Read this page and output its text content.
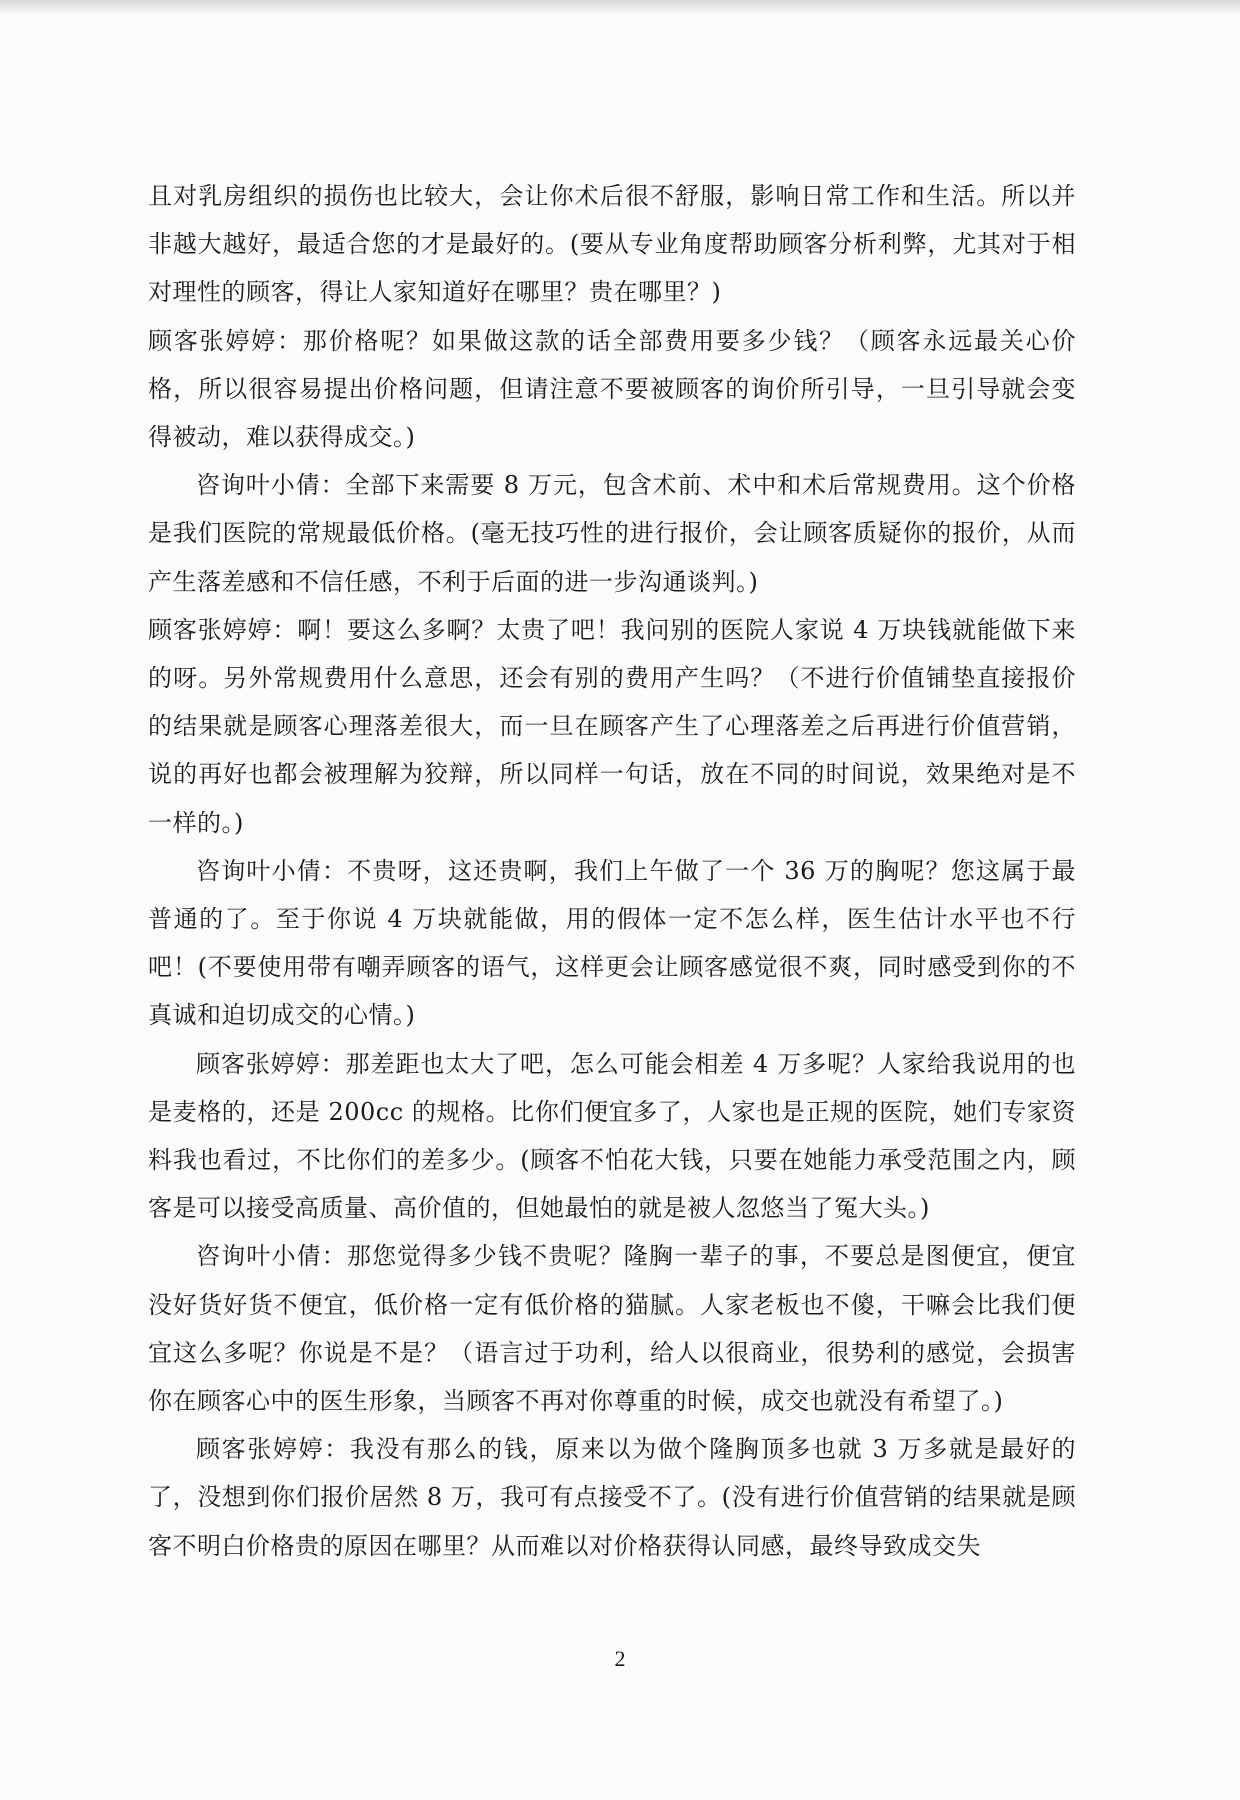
且对乳房组织的损伤也比较大，会让你术后很不舒服，影响日常工作和生活。所以并非越大越好，最适合您的才是最好的。(要从专业角度帮助顾客分析利弊，尤其对于相对理性的顾客，得让人家知道好在哪里？贵在哪里？)

顾客张婷婷：那价格呢？如果做这款的话全部费用要多少钱？（顾客永远最关心价格，所以很容易提出价格问题，但请注意不要被顾客的询价所引导，一旦引导就会变得被动，难以获得成交。)

咨询叶小倩：全部下来需要 8 万元，包含术前、术中和术后常规费用。这个价格是我们医院的常规最低价格。(毫无技巧性的进行报价，会让顾客质疑你的报价，从而产生落差感和不信任感，不利于后面的进一步沟通谈判。)

顾客张婷婷：啊！要这么多啊？太贵了吧！我问别的医院人家说 4 万块钱就能做下来的呀。另外常规费用什么意思，还会有别的费用产生吗？（不进行价值铺垫直接报价的结果就是顾客心理落差很大，而一旦在顾客产生了心理落差之后再进行价值营销，说的再好也都会被理解为狡辩，所以同样一句话，放在不同的时间说，效果绝对是不一样的。)

咨询叶小倩：不贵呀，这还贵啊，我们上午做了一个 36 万的胸呢？您这属于最普通的了。至于你说 4 万块就能做，用的假体一定不怎么样，医生估计水平也不行吧！(不要使用带有嘲弄顾客的语气，这样更会让顾客感觉很不爽，同时感受到你的不真诚和迫切成交的心情。)

顾客张婷婷：那差距也太大了吧，怎么可能会相差 4 万多呢？人家给我说用的也是麦格的，还是 200cc 的规格。比你们便宜多了，人家也是正规的医院，她们专家资料我也看过，不比你们的差多少。(顾客不怕花大钱，只要在她能力承受范围之内，顾客是可以接受高质量、高价值的，但她最怕的就是被人忽悠当了冤大头。)

咨询叶小倩：那您觉得多少钱不贵呢？隆胸一辈子的事，不要总是图便宜，便宜没好货好货不便宜，低价格一定有低价格的猫腻。人家老板也不傻，干嘛会比我们便宜这么多呢？你说是不是？（语言过于功利，给人以很商业，很势利的感觉，会损害你在顾客心中的医生形象，当顾客不再对你尊重的时候，成交也就没有希望了。)

顾客张婷婷：我没有那么的钱，原来以为做个隆胸顶多也就 3 万多就是最好的了，没想到你们报价居然 8 万，我可有点接受不了。(没有进行价值营销的结果就是顾客不明白价格贵的原因在哪里？从而难以对价格获得认同感，最终导致成交失

2
